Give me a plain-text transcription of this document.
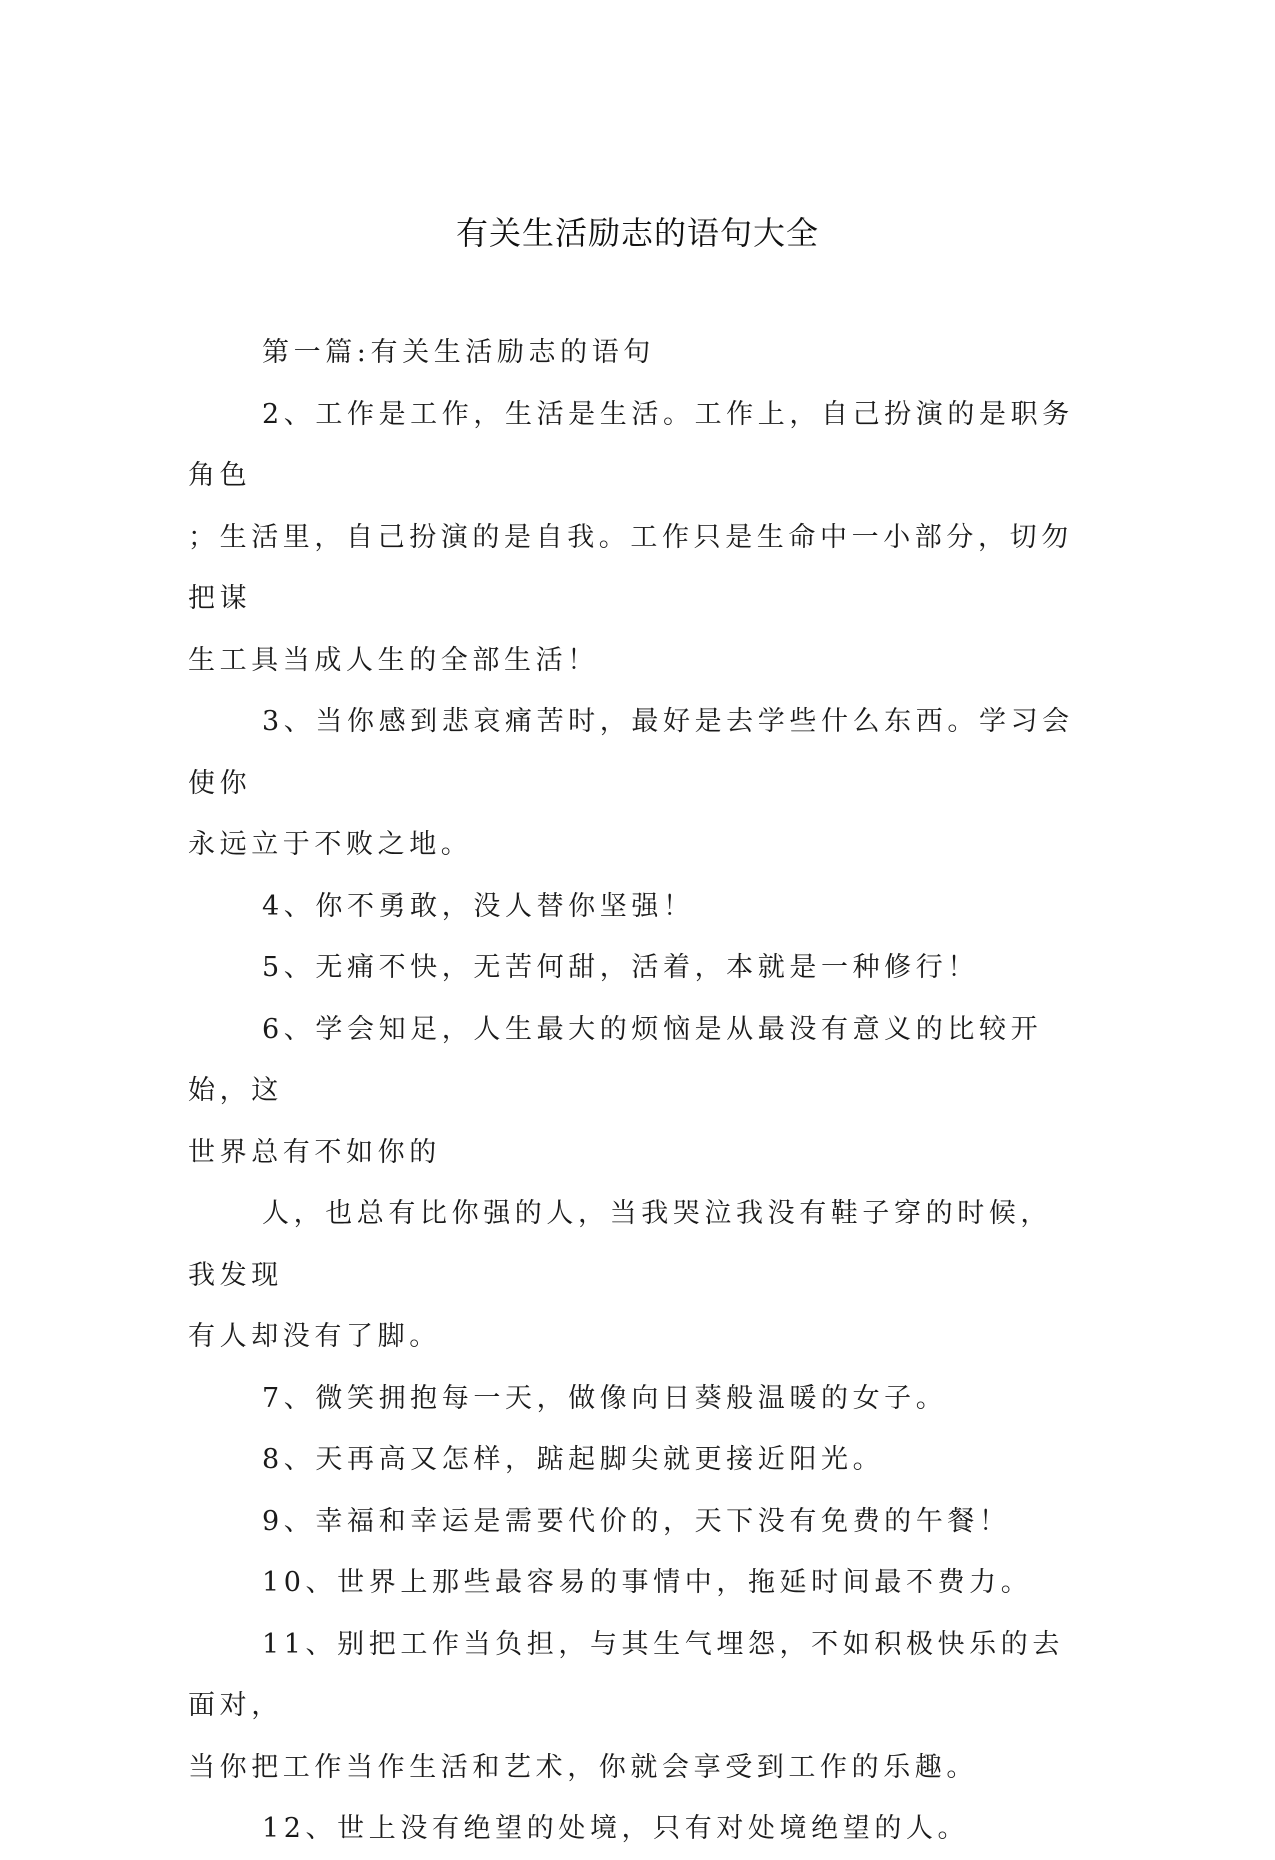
有关生活励志的语句大全

第一篇:有关生活励志的语句

2、工作是工作，生活是生活。工作上，自己扮演的是职务角色
；生活里，自己扮演的是自我。工作只是生命中一小部分，切勿把谋
生工具当成人生的全部生活！

3、当你感到悲哀痛苦时，最好是去学些什么东西。学习会使你
永远立于不败之地。

4、你不勇敢，没人替你坚强！

5、无痛不快，无苦何甜，活着，本就是一种修行！

6、学会知足，人生最大的烦恼是从最没有意义的比较开始，这
世界总有不如你的

人，也总有比你强的人，当我哭泣我没有鞋子穿的时候，我发现
有人却没有了脚。

7、微笑拥抱每一天，做像向日葵般温暖的女子。

8、天再高又怎样，踮起脚尖就更接近阳光。

9、幸福和幸运是需要代价的，天下没有免费的午餐！

10、世界上那些最容易的事情中，拖延时间最不费力。

11、别把工作当负担，与其生气埋怨，不如积极快乐的去面对，
当你把工作当作生活和艺术，你就会享受到工作的乐趣。

12、世上没有绝望的处境，只有对处境绝望的人。
